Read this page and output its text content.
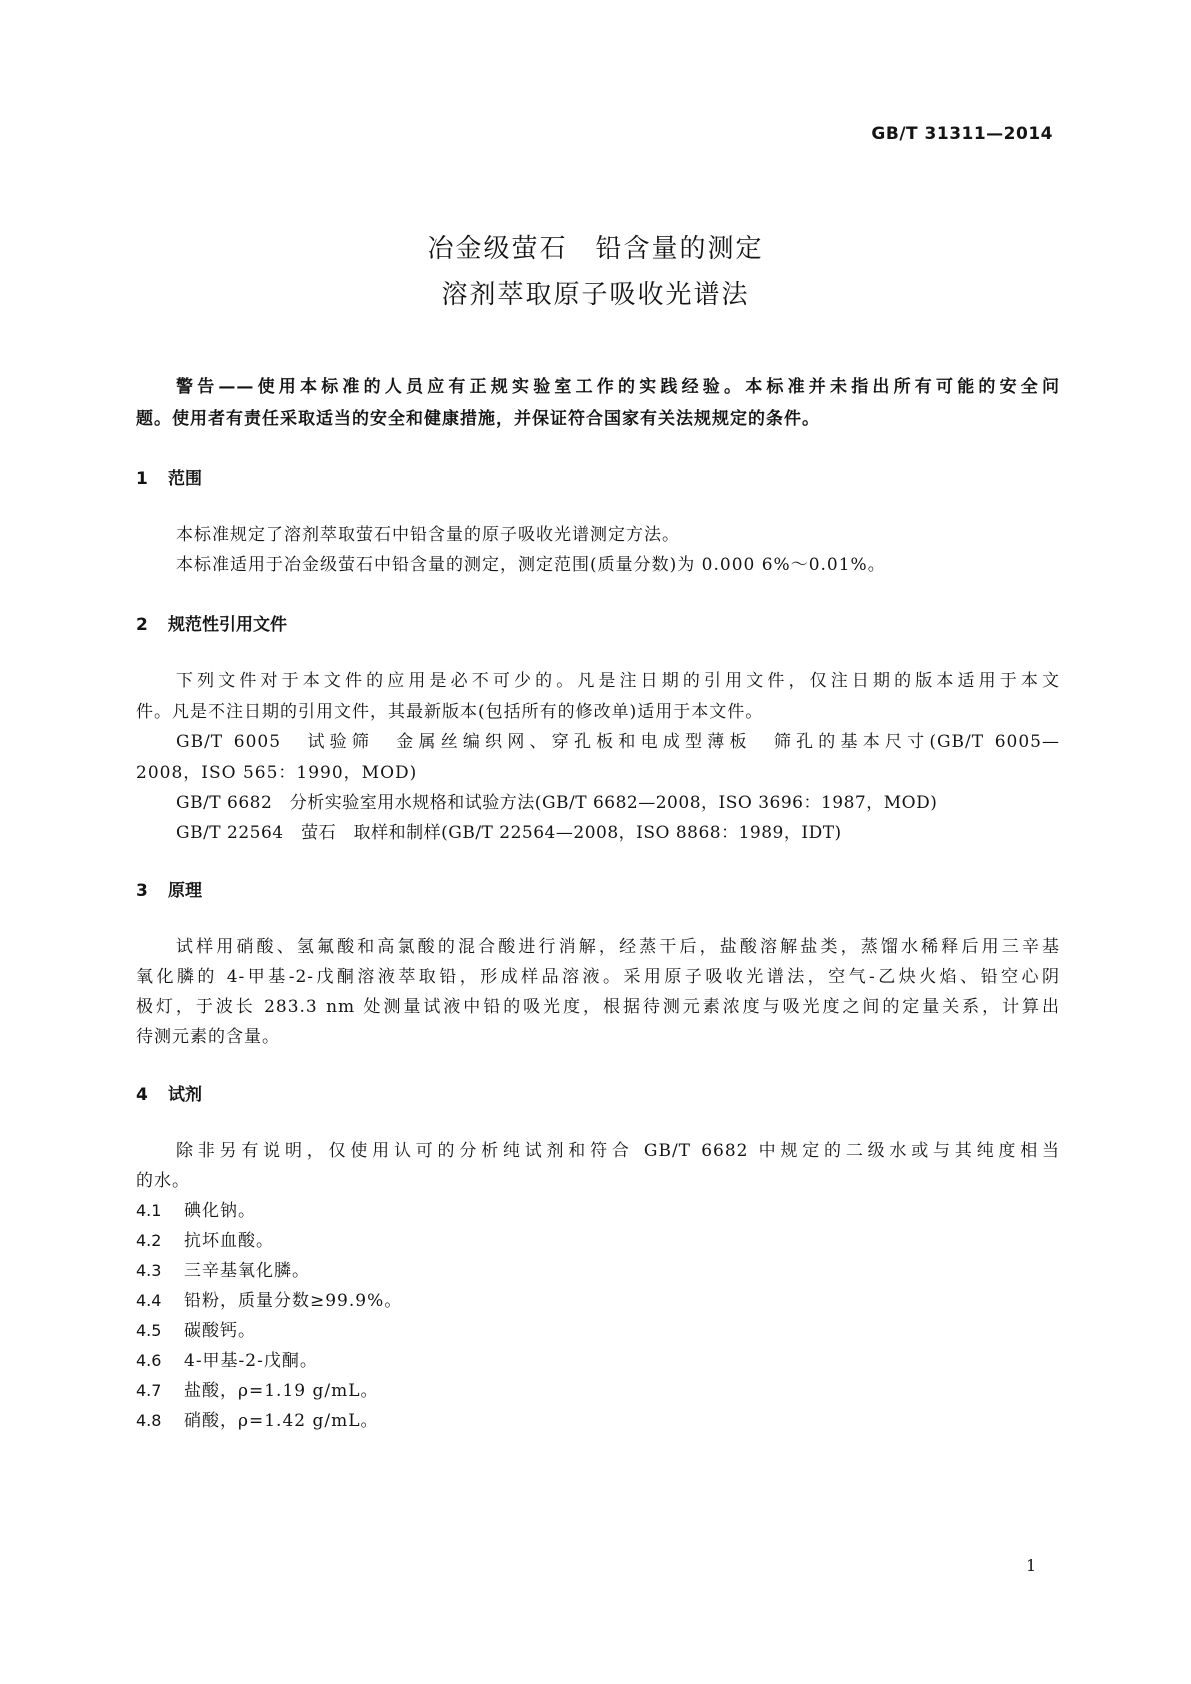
GB/T 31311—2014
冶金级萤石　铅含量的测定
溶剂萃取原子吸收光谱法
警告——使用本标准的人员应有正规实验室工作的实践经验。本标准并未指出所有可能的安全问
题。使用者有责任采取适当的安全和健康措施，并保证符合国家有关法规规定的条件。
1 范围
本标准规定了溶剂萃取萤石中铅含量的原子吸收光谱测定方法。
本标准适用于冶金级萤石中铅含量的测定，测定范围(质量分数)为 0.000 6%～0.01%。
2 规范性引用文件
下列文件对于本文件的应用是必不可少的。凡是注日期的引用文件，仅注日期的版本适用于本文
件。凡是不注日期的引用文件，其最新版本(包括所有的修改单)适用于本文件。
GB/T 6005　试验筛　金属丝编织网、穿孔板和电成型薄板　筛孔的基本尺寸(GB/T 6005—
2008，ISO 565：1990，MOD)
GB/T 6682　分析实验室用水规格和试验方法(GB/T 6682—2008，ISO 3696：1987，MOD)
GB/T 22564　萤石　取样和制样(GB/T 22564—2008，ISO 8868：1989，IDT)
3 原理
试样用硝酸、氢氟酸和高氯酸的混合酸进行消解，经蒸干后，盐酸溶解盐类，蒸馏水稀释后用三辛基
氧化膦的 4-甲基-2-戊酮溶液萃取铅，形成样品溶液。采用原子吸收光谱法，空气-乙炔火焰、铅空心阴
极灯，于波长 283.3 nm 处测量试液中铅的吸光度，根据待测元素浓度与吸光度之间的定量关系，计算出
待测元素的含量。
4 试剂
除非另有说明，仅使用认可的分析纯试剂和符合 GB/T 6682 中规定的二级水或与其纯度相当
的水。
4.1 碘化钠。
4.2 抗坏血酸。
4.3 三辛基氧化膦。
4.4 铅粉，质量分数≥99.9%。
4.5 碳酸钙。
4.6 4-甲基-2-戊酮。
4.7 盐酸，ρ=1.19 g/mL。
4.8 硝酸，ρ=1.42 g/mL。
1
